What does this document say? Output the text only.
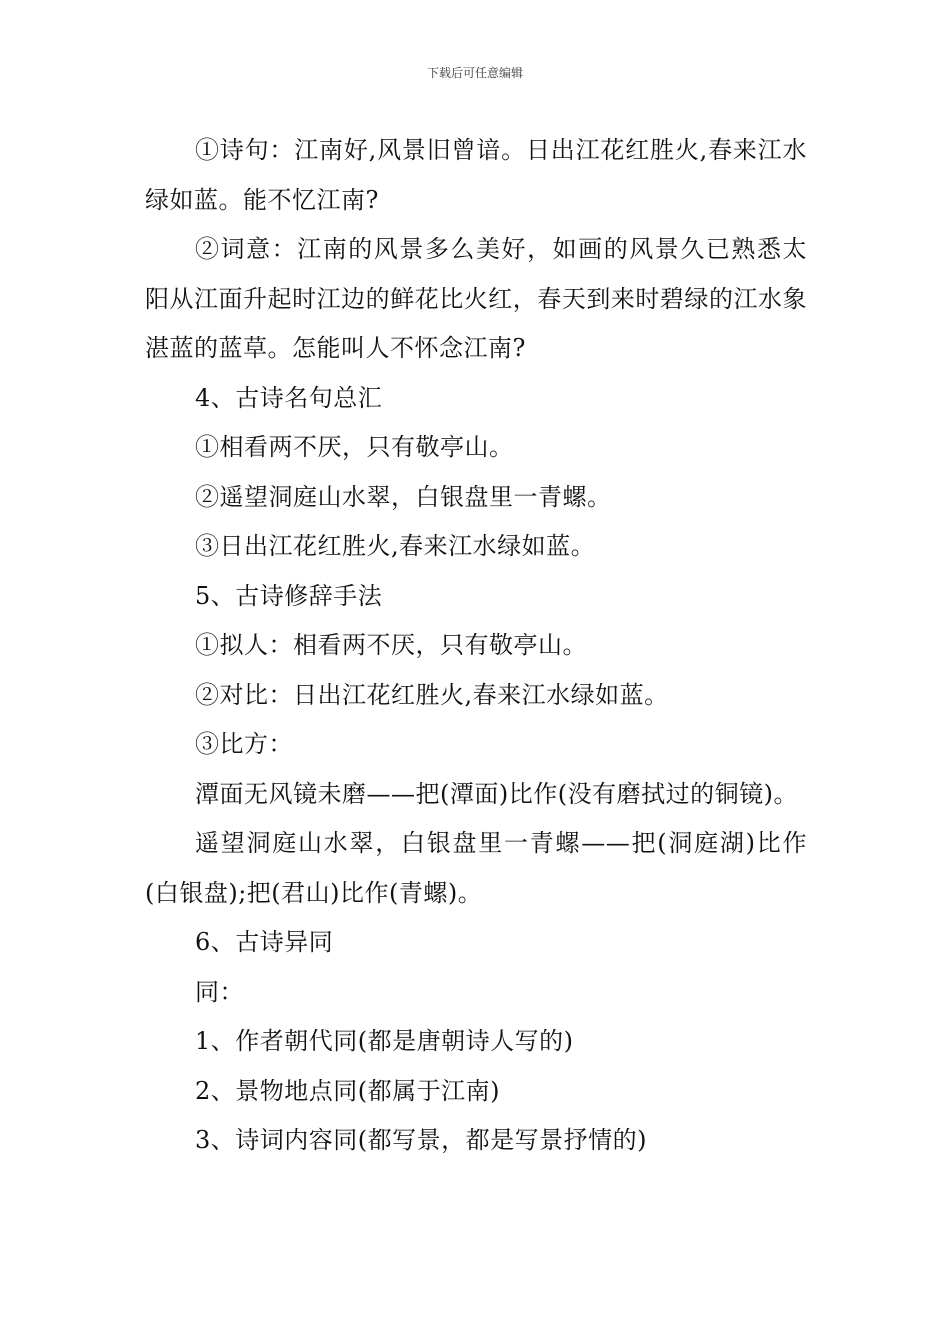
下载后可任意编辑

①诗句：江南好,风景旧曾谙。日出江花红胜火,春来江水绿如蓝。能不忆江南?

②词意：江南的风景多么美好，如画的风景久已熟悉太阳从江面升起时江边的鲜花比火红，春天到来时碧绿的江水象湛蓝的蓝草。怎能叫人不怀念江南?

4、古诗名句总汇

①相看两不厌，只有敬亭山。

②遥望洞庭山水翠，白银盘里一青螺。

③日出江花红胜火,春来江水绿如蓝。

5、古诗修辞手法

①拟人：相看两不厌，只有敬亭山。

②对比：日出江花红胜火,春来江水绿如蓝。

③比方：

潭面无风镜未磨——把(潭面)比作(没有磨拭过的铜镜)。

遥望洞庭山水翠，白银盘里一青螺——把(洞庭湖)比作(白银盘);把(君山)比作(青螺)。

6、古诗异同

同：

1、作者朝代同(都是唐朝诗人写的)

2、景物地点同(都属于江南)

3、诗词内容同(都写景，都是写景抒情的)
